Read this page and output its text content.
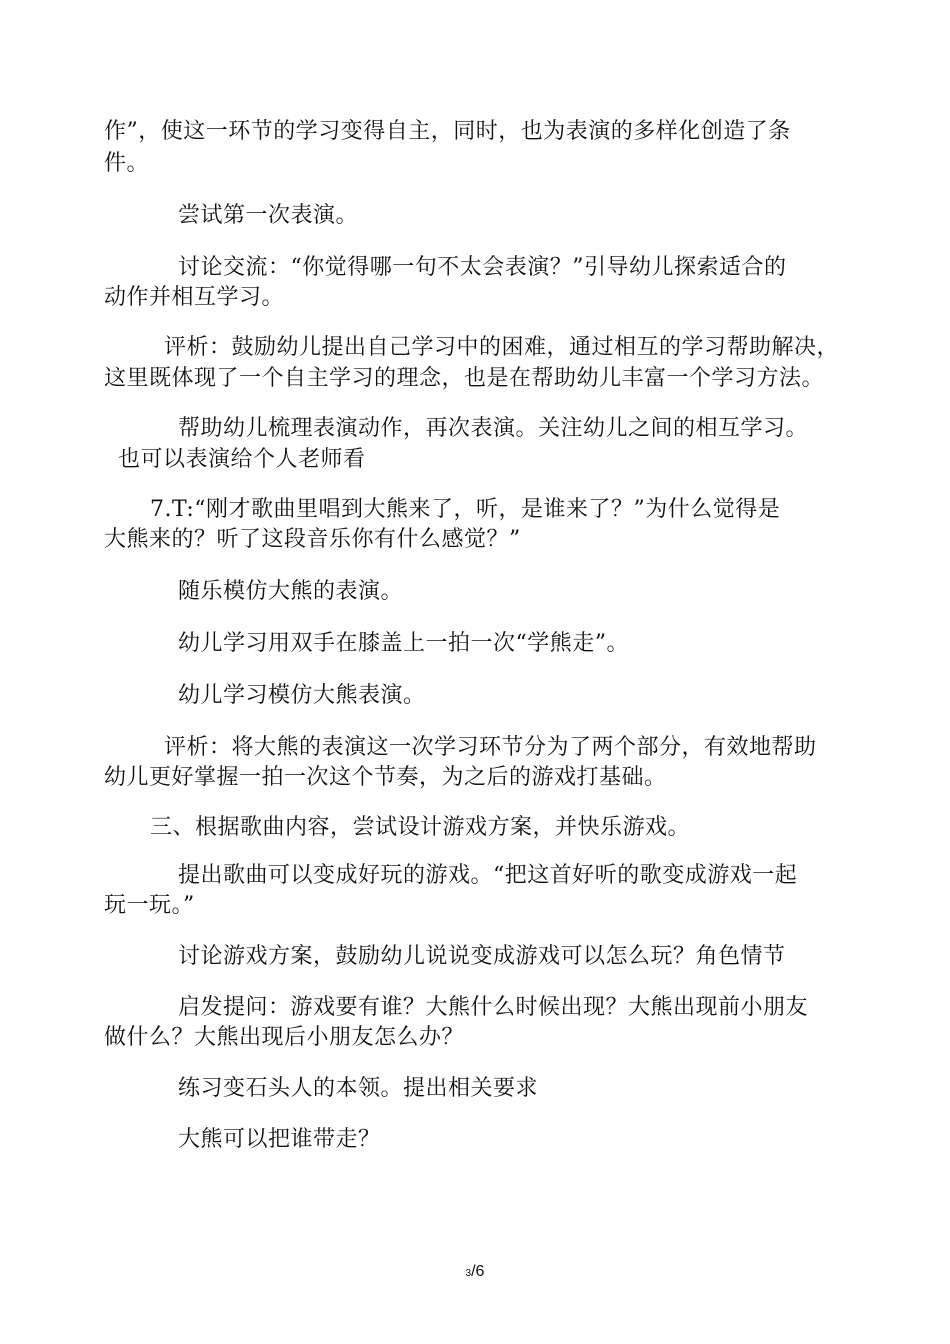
作”，使这一环节的学习变得自主，同时，也为表演的多样化创造了条
件。
尝试第一次表演。
讨论交流：“你觉得哪一句不太会表演？”引导幼儿探索适合的
动作并相互学习。
评析：鼓励幼儿提出自己学习中的困难，通过相互的学习帮助解决，
这里既体现了一个自主学习的理念，也是在帮助幼儿丰富一个学习方法。
帮助幼儿梳理表演动作，再次表演。关注幼儿之间的相互学习。
也可以表演给个人老师看
7.T:“刚才歌曲里唱到大熊来了，听，是谁来了？”为什么觉得是
大熊来的？听了这段音乐你有什么感觉？”
随乐模仿大熊的表演。
幼儿学习用双手在膝盖上一拍一次“学熊走”。
幼儿学习模仿大熊表演。
评析：将大熊的表演这一次学习环节分为了两个部分，有效地帮助
幼儿更好掌握一拍一次这个节奏，为之后的游戏打基础。
三、根据歌曲内容，尝试设计游戏方案，并快乐游戏。
提出歌曲可以变成好玩的游戏。“把这首好听的歌变成游戏一起
玩一玩。”
讨论游戏方案，鼓励幼儿说说变成游戏可以怎么玩？角色情节
启发提问：游戏要有谁？大熊什么时候出现？大熊出现前小朋友
做什么？大熊出现后小朋友怎么办？
练习变石头人的本领。提出相关要求
大熊可以把谁带走？
3/6
